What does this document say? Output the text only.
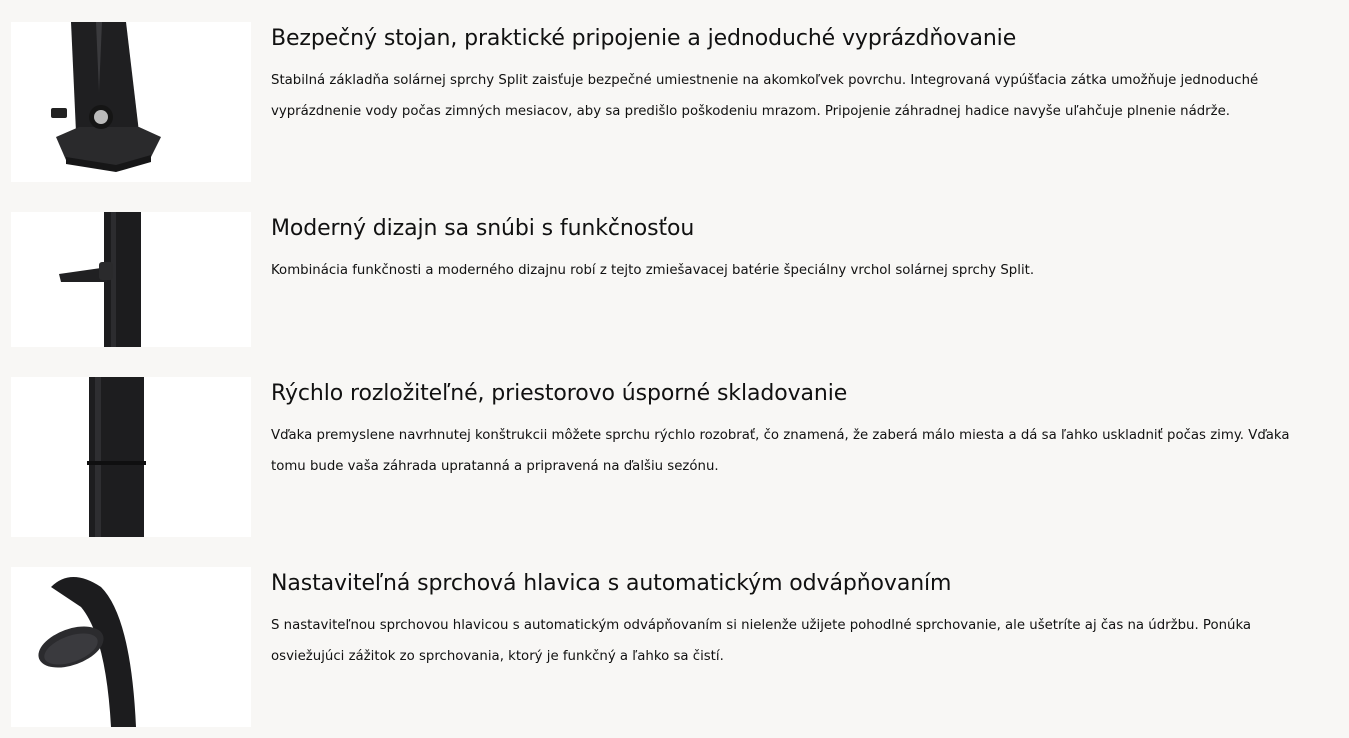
Bezpečný stojan, praktické pripojenie a jednoduché vyprázdňovanie

Stabilná základňa solárnej sprchy Split zaisťuje bezpečné umiestnenie na akomkoľvek povrchu. Integrovaná vypúšťacia zátka umožňuje jednoduché vyprázdnenie vody počas zimných mesiacov, aby sa predišlo poškodeniu mrazom. Pripojenie záhradnej hadice navyše uľahčuje plnenie nádrže.

Moderný dizajn sa snúbi s funkčnosťou

Kombinácia funkčnosti a moderného dizajnu robí z tejto zmiešavacej batérie špeciálny vrchol solárnej sprchy Split.

Rýchlo rozložiteľné, priestorovo úsporné skladovanie

Vďaka premyslene navrhnutej konštrukcii môžete sprchu rýchlo rozobrať, čo znamená, že zaberá málo miesta a dá sa ľahko uskladniť počas zimy. Vďaka tomu bude vaša záhrada upratanná a pripravená na ďalšiu sezónu.

Nastaviteľná sprchová hlavica s automatickým odvápňovaním

S nastaviteľnou sprchovou hlavicou s automatickým odvápňovaním si nielenže užijete pohodlné sprchovanie, ale ušetríte aj čas na údržbu. Ponúka osviežujúci zážitok zo sprchovania, ktorý je funkčný a ľahko sa čistí.
